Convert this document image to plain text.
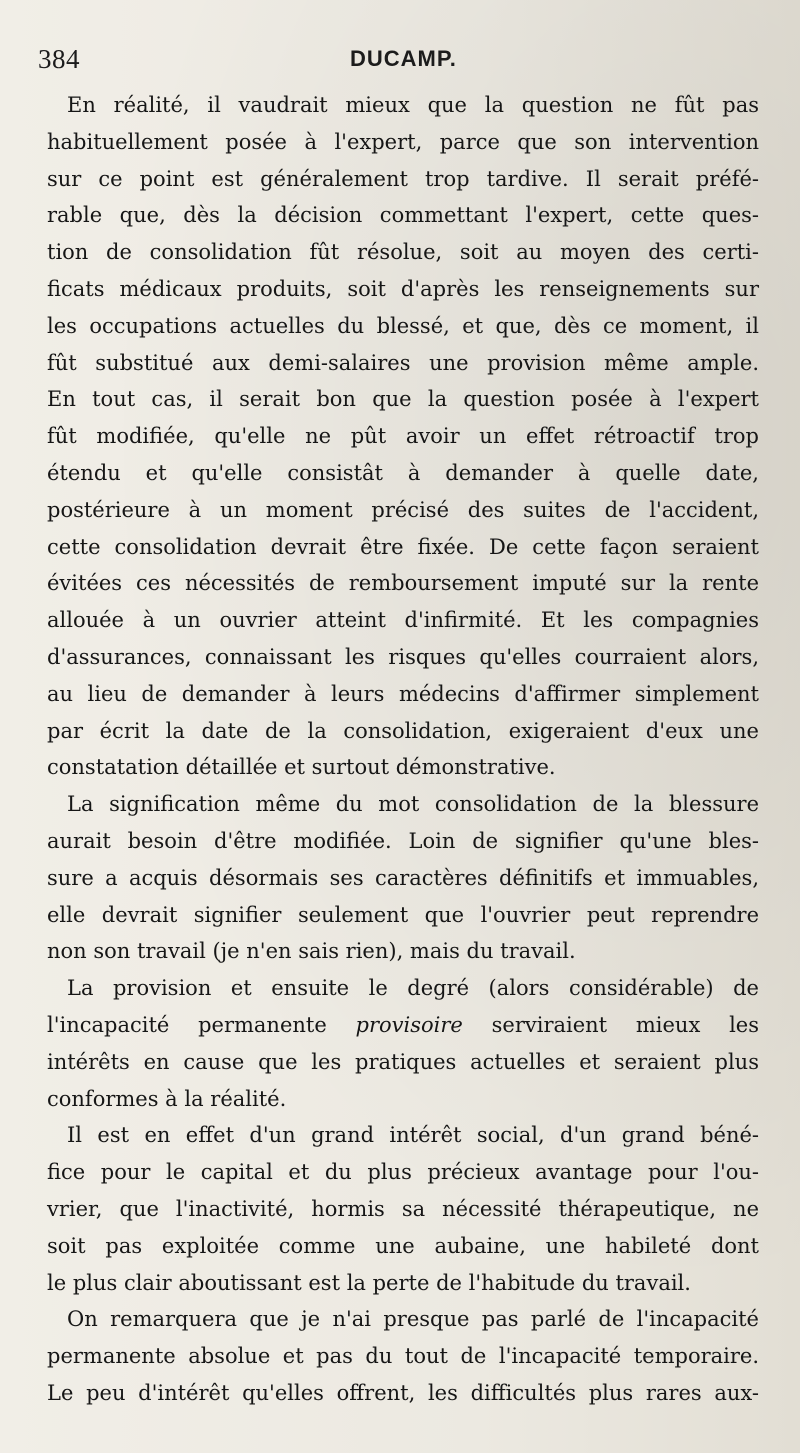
384	DUCAMP.
En réalité, il vaudrait mieux que la question ne fût pas
habituellement posée à l'expert, parce que son intervention
sur ce point est généralement trop tardive. Il serait préfé-
rable que, dès la décision commettant l'expert, cette ques-
tion de consolidation fût résolue, soit au moyen des certi-
ficats médicaux produits, soit d'après les renseignements sur
les occupations actuelles du blessé, et que, dès ce moment, il
fût substitué aux demi-salaires une provision même ample.
En tout cas, il serait bon que la question posée à l'expert
fût modifiée, qu'elle ne pût avoir un effet rétroactif trop
étendu et qu'elle consistât à demander à quelle date,
postérieure à un moment précisé des suites de l'accident,
cette consolidation devrait être fixée. De cette façon seraient
évitées ces nécessités de remboursement imputé sur la rente
allouée à un ouvrier atteint d'infirmité. Et les compagnies
d'assurances, connaissant les risques qu'elles courraient alors,
au lieu de demander à leurs médecins d'affirmer simplement
par écrit la date de la consolidation, exigeraient d'eux une
constatation détaillée et surtout démonstrative.
La signification même du mot consolidation de la blessure
aurait besoin d'être modifiée. Loin de signifier qu'une bles-
sure a acquis désormais ses caractères définitifs et immuables,
elle devrait signifier seulement que l'ouvrier peut reprendre
non son travail (je n'en sais rien), mais du travail.
La provision et ensuite le degré (alors considérable) de
l'incapacité permanente provisoire serviraient mieux les
intérêts en cause que les pratiques actuelles et seraient plus
conformes à la réalité.
Il est en effet d'un grand intérêt social, d'un grand béné-
fice pour le capital et du plus précieux avantage pour l'ou-
vrier, que l'inactivité, hormis sa nécessité thérapeutique, ne
soit pas exploitée comme une aubaine, une habileté dont
le plus clair aboutissant est la perte de l'habitude du travail.
On remarquera que je n'ai presque pas parlé de l'incapacité
permanente absolue et pas du tout de l'incapacité temporaire.
Le peu d'intérêt qu'elles offrent, les difficultés plus rares aux-
